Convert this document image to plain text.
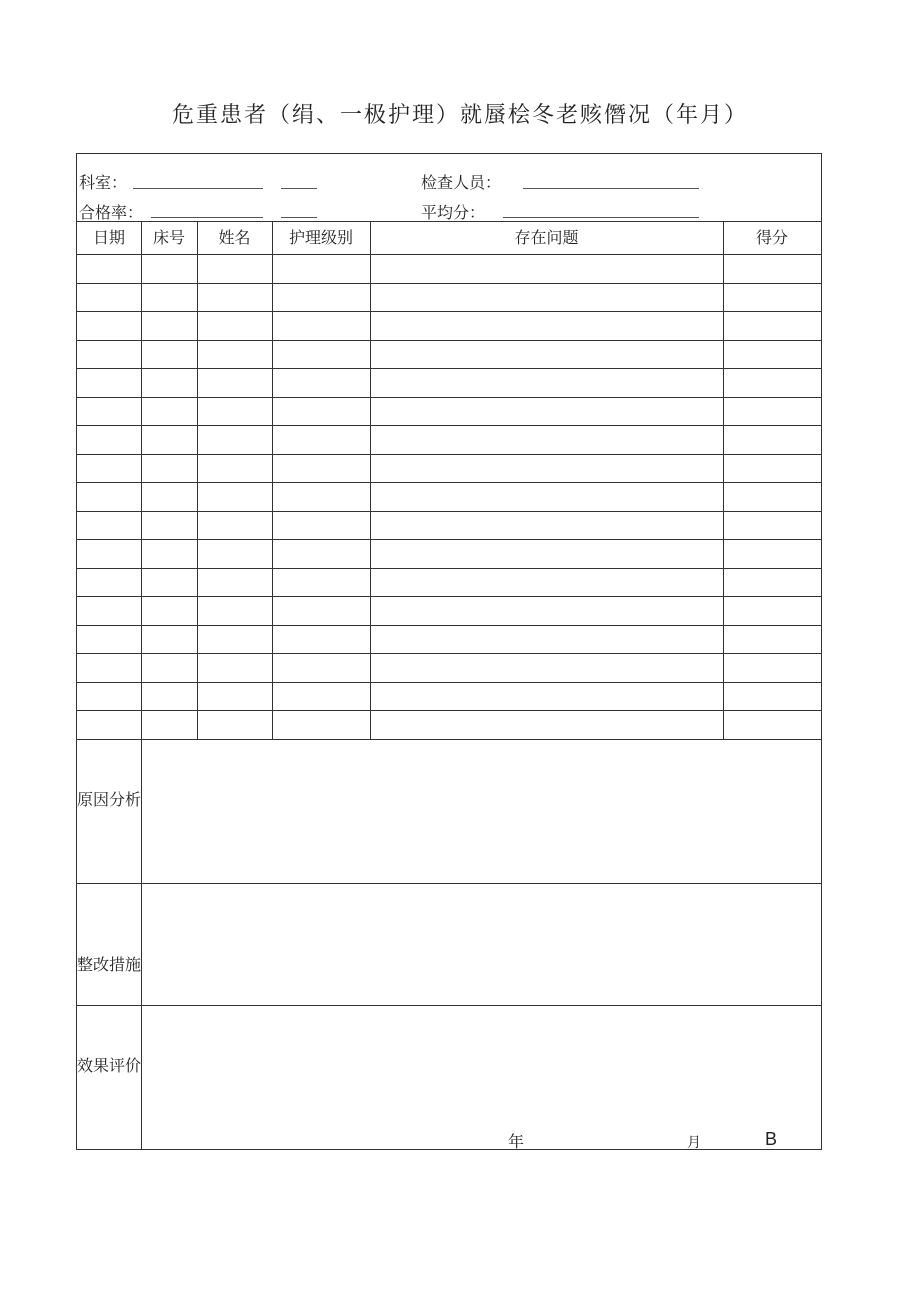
危重患者（绢、一极护理）就蜃桧冬老赅僭况（年月）
科室：	检查人员：
合格率：	平均分：
日期	床号	姓名	护理级别	存在问题	得分
原因分析
整改措施
效果评价
年	月	B
